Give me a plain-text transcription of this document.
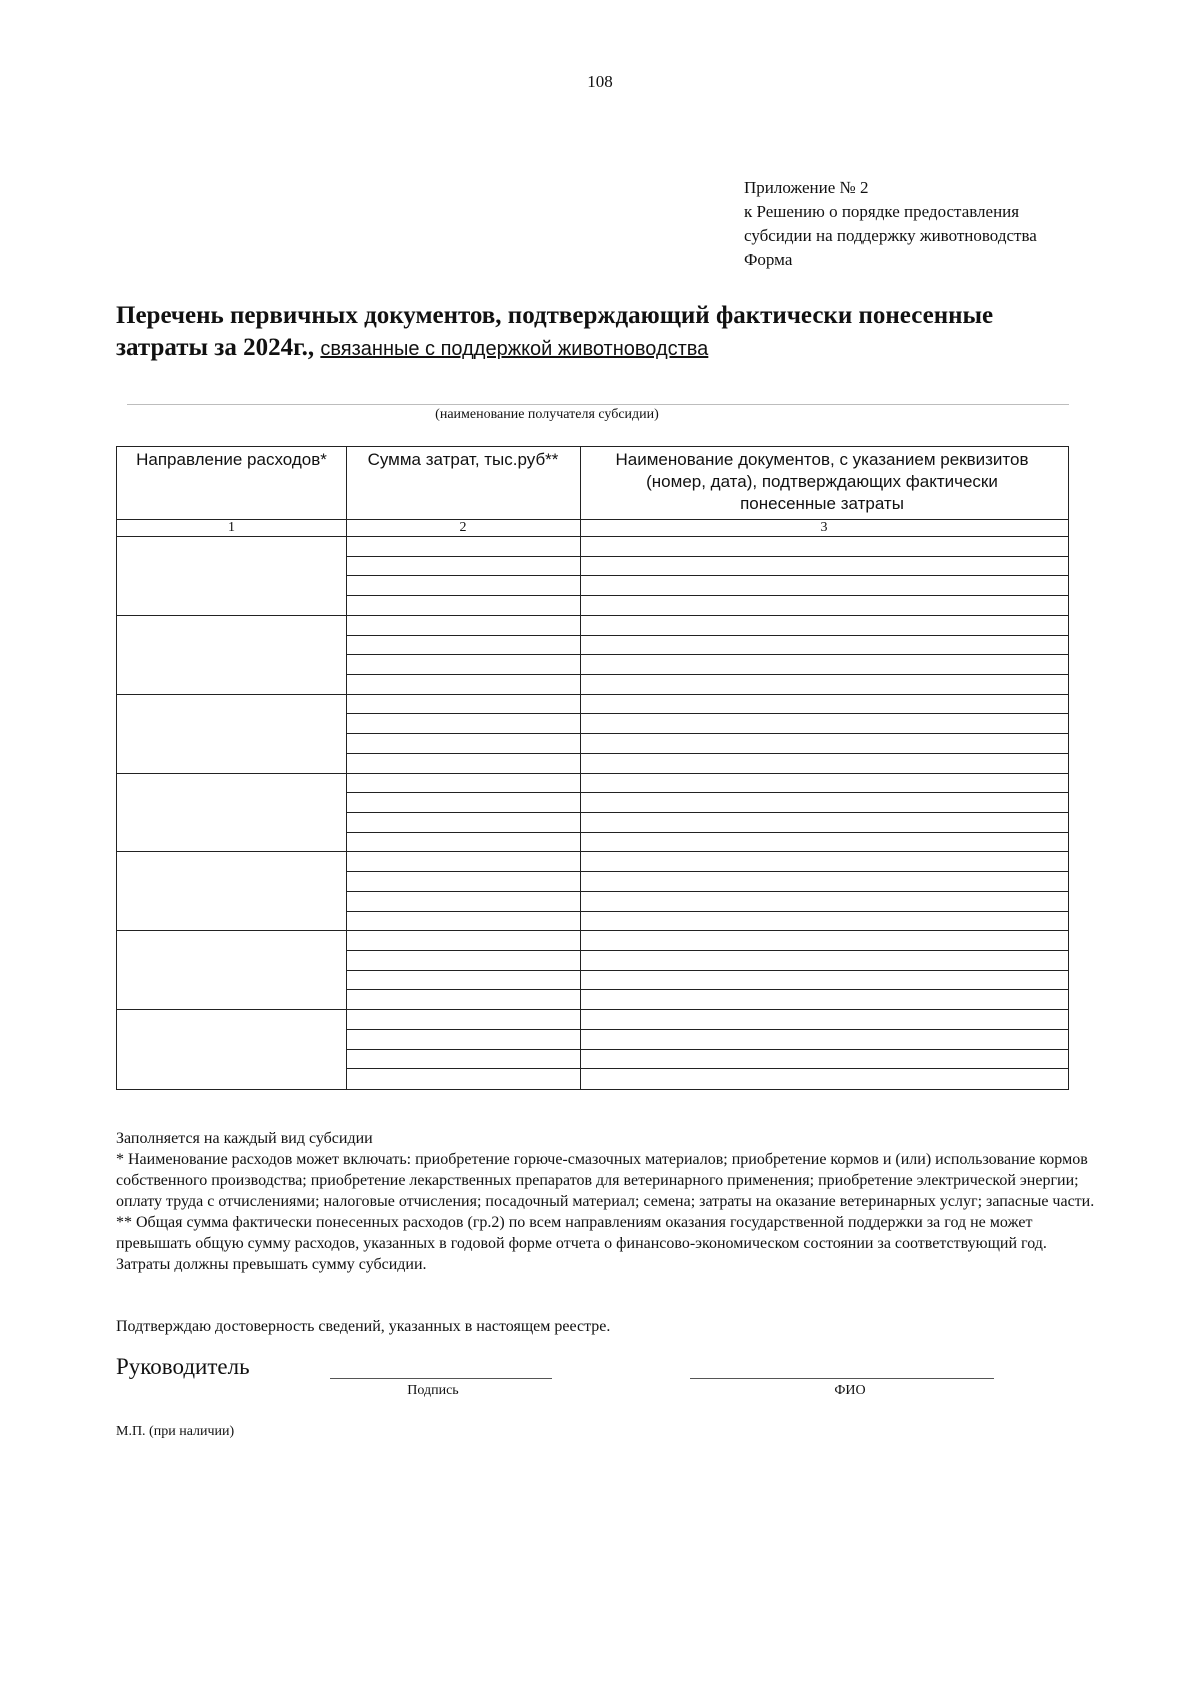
108
Приложение № 2
к Решению о порядке предоставления
субсидии на поддержку животноводства
Форма
Перечень первичных документов, подтверждающий фактически понесенные
затраты за 2024г., связанные с поддержкой животноводства
(наименование получателя субсидии)
Направление расходов*	Сумма затрат, тыс.руб**	Наименование документов, с указанием реквизитов (номер, дата), подтверждающих фактически понесенные затраты
1	2	3

Заполняется на каждый вид субсидии

* Наименование расходов может включать: приобретение горюче-смазочных материалов; приобретение кормов и (или) использование кормов собственного производства; приобретение лекарственных препаратов для ветеринарного применения; приобретение электрической энергии; оплату труда с отчислениями; налоговые отчисления; посадочный материал; семена; затраты на оказание ветеринарных услуг; запасные части.

** Общая сумма фактически понесенных расходов (гр.2) по всем направлениям оказания государственной поддержки за год не может превышать общую сумму расходов, указанных в годовой форме отчета о финансово-экономическом состоянии за соответствующий год. Затраты должны превышать сумму субсидии.

Подтверждаю достоверность сведений, указанных в настоящем реестре.
Руководитель
Подпись	ФИО
М.П. (при наличии)
